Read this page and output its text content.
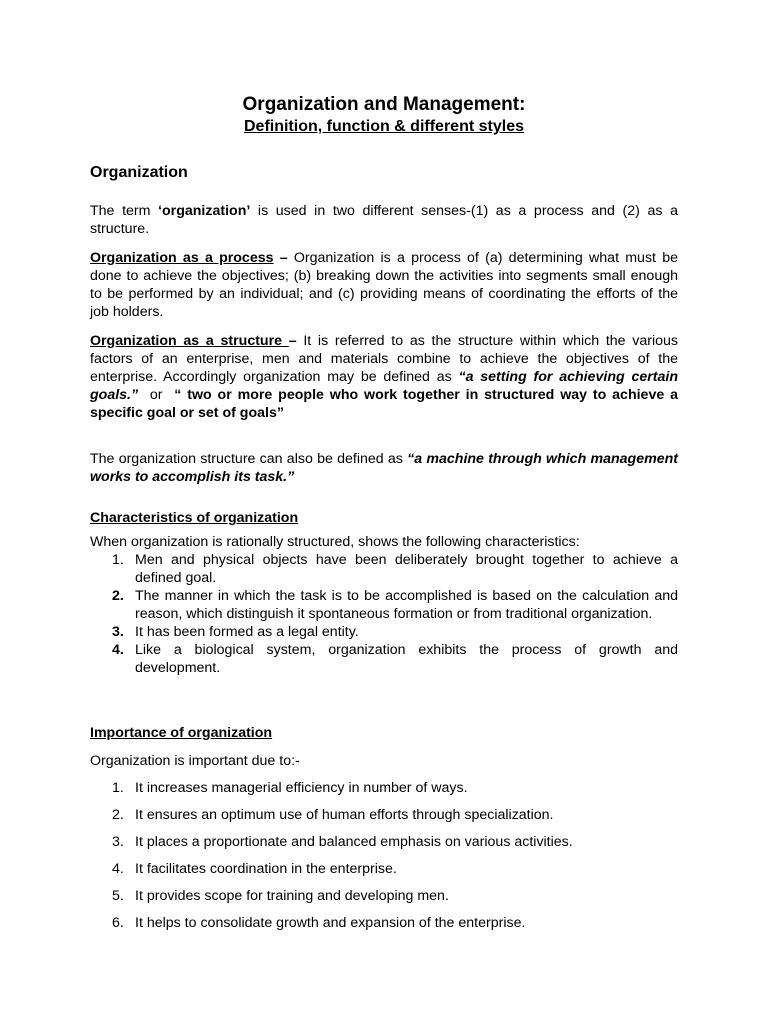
Organization and Management:
Definition, function & different styles
Organization
The term ‘organization’ is used in two different senses-(1) as a process and (2) as a structure.
Organization as a process – Organization is a process of (a) determining what must be done to achieve the objectives; (b) breaking down the activities into segments small enough to be performed by an individual; and (c) providing means of coordinating the efforts of the job holders.
Organization as a structure – It is referred to as the structure within which the various factors of an enterprise, men and materials combine to achieve the objectives of the enterprise. Accordingly organization may be defined as “a setting for achieving certain goals.”  or  “ two or more people who work together in structured way to achieve a specific goal or set of goals”
The organization structure can also be defined as “a machine through which management works to accomplish its task.”
Characteristics of organization
When organization is rationally structured, shows the following characteristics:
1. Men and physical objects have been deliberately brought together to achieve a defined goal.
2. The manner in which the task is to be accomplished is based on the calculation and reason, which distinguish it spontaneous formation or from traditional organization.
3. It has been formed as a legal entity.
4. Like a biological system, organization exhibits the process of growth and development.
Importance of organization
Organization is important due to:-
1. It increases managerial efficiency in number of ways.
2. It ensures an optimum use of human efforts through specialization.
3. It places a proportionate and balanced emphasis on various activities.
4. It facilitates coordination in the enterprise.
5. It provides scope for training and developing men.
6. It helps to consolidate growth and expansion of the enterprise.
